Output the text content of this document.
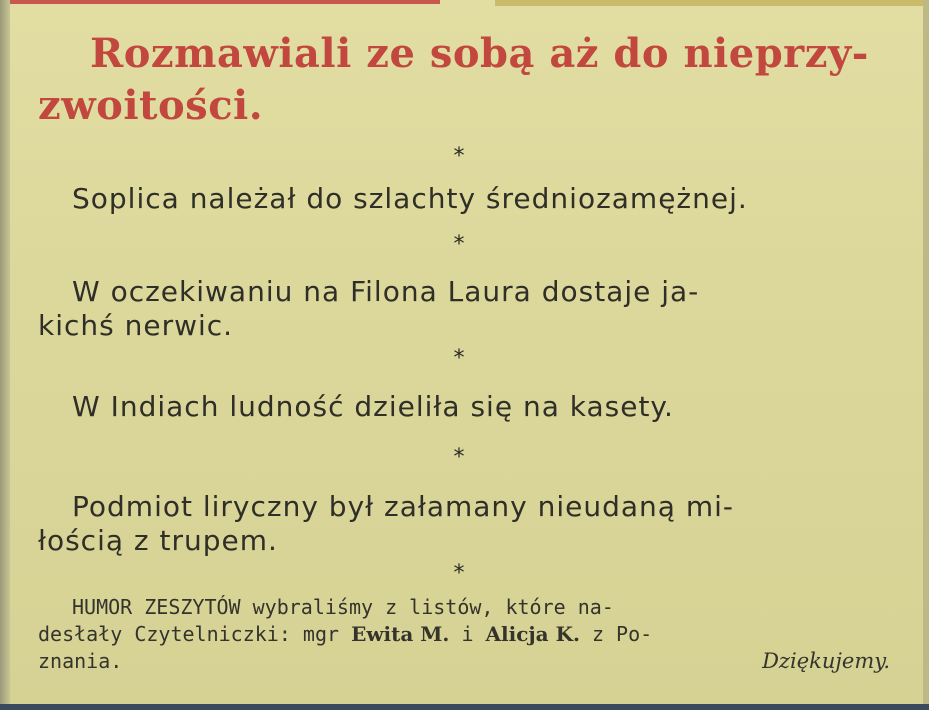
Rozmawiali ze sobą aż do nieprzy-
zwoitości.
*

Soplica należał do szlachty średniozamężnej.

*

W oczekiwaniu na Filona Laura dostaje ja-
kichś nerwic.

*

W Indiach ludność dzieliła się na kasety.

*

Podmiot liryczny był załamany nieudaną mi-
łością z trupem.

*
HUMOR ZESZYTÓW wybraliśmy z listów, które na-
desłały Czytelniczki: mgr Ewita M. i Alicja K. z Po-
znania.	Dziękujemy.
